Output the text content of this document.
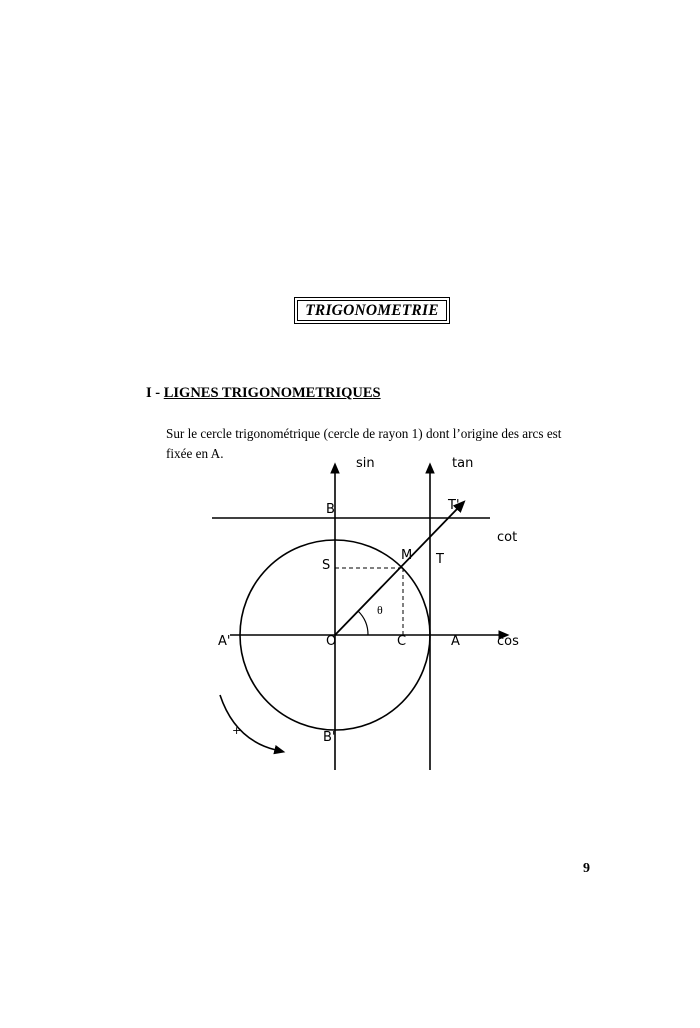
TRIGONOMETRIE
I - LIGNES TRIGONOMETRIQUES
Sur le cercle trigonométrique (cercle de rayon 1) dont l’origine des arcs est fixée en A.
sin	tan
cot
cos
B
B'
A
A'	O
M
S
C
T
T'
θ
+
9
